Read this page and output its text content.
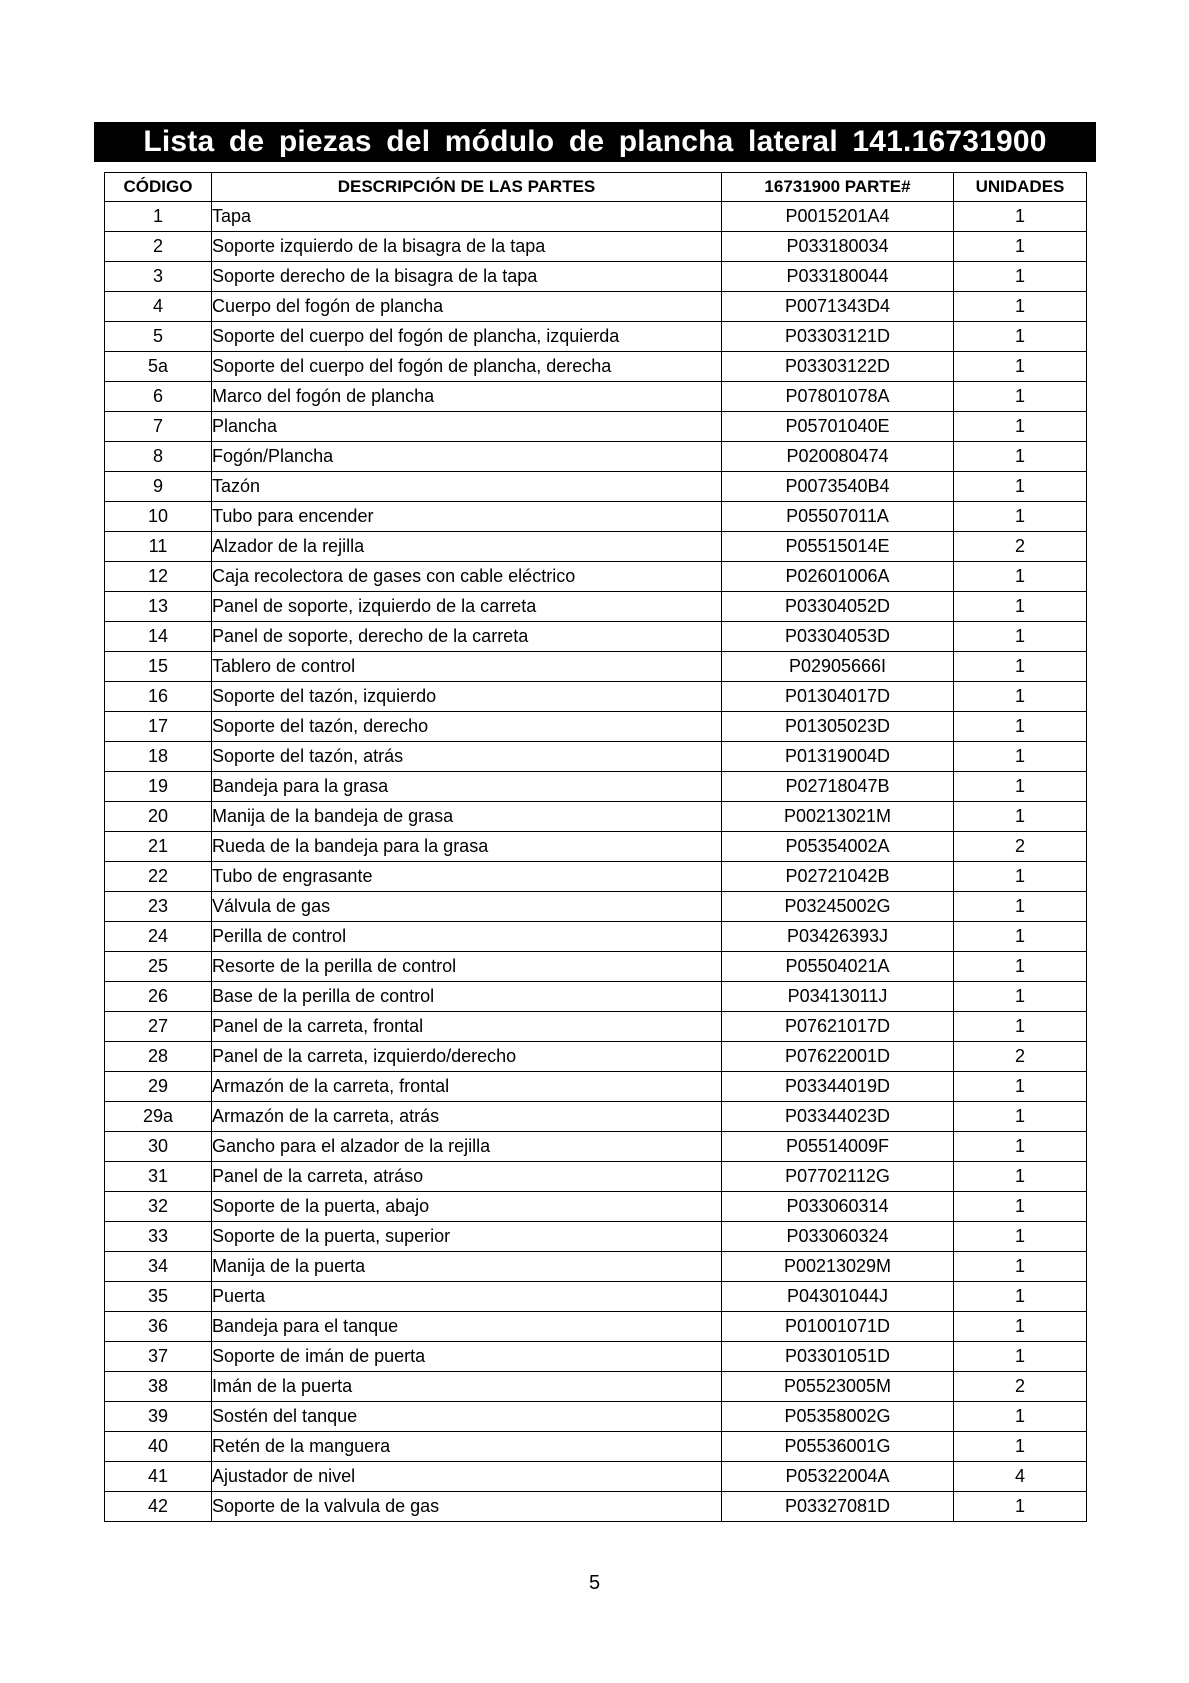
Lista de piezas del módulo de plancha lateral 141.16731900
CÓDIGO	DESCRIPCIÓN DE LAS PARTES	16731900 PARTE#	UNIDADES
1	Tapa	P0015201A4	1
2	Soporte izquierdo de la bisagra de la tapa	P033180034	1
3	Soporte derecho de la bisagra de la tapa	P033180044	1
4	Cuerpo del fogón de plancha	P0071343D4	1
5	Soporte del cuerpo del fogón de plancha, izquierda	P03303121D	1
5a	Soporte del cuerpo del fogón de plancha, derecha	P03303122D	1
6	Marco del fogón de plancha	P07801078A	1
7	Plancha	P05701040E	1
8	Fogón/Plancha	P020080474	1
9	Tazón	P0073540B4	1
10	Tubo para encender	P05507011A	1
11	Alzador de la rejilla	P05515014E	2
12	Caja recolectora de gases con cable eléctrico	P02601006A	1
13	Panel de soporte, izquierdo de la carreta	P03304052D	1
14	Panel de soporte, derecho de la carreta	P03304053D	1
15	Tablero de control	P02905666I	1
16	Soporte del tazón, izquierdo	P01304017D	1
17	Soporte del tazón, derecho	P01305023D	1
18	Soporte del tazón, atrás	P01319004D	1
19	Bandeja para la grasa	P02718047B	1
20	Manija de la bandeja de grasa	P00213021M	1
21	Rueda de la bandeja para la grasa	P05354002A	2
22	Tubo de engrasante	P02721042B	1
23	Válvula de gas	P03245002G	1
24	Perilla de control	P03426393J	1
25	Resorte de la perilla de control	P05504021A	1
26	Base de la perilla de control	P03413011J	1
27	Panel de la carreta, frontal	P07621017D	1
28	Panel de la carreta, izquierdo/derecho	P07622001D	2
29	Armazón de la carreta, frontal	P03344019D	1
29a	Armazón de la carreta, atrás	P03344023D	1
30	Gancho para el alzador de la rejilla	P05514009F	1
31	Panel de la carreta, atráso	P07702112G	1
32	Soporte de la puerta, abajo	P033060314	1
33	Soporte de la puerta, superior	P033060324	1
34	Manija de la puerta	P00213029M	1
35	Puerta	P04301044J	1
36	Bandeja para el tanque	P01001071D	1
37	Soporte de imán de puerta	P03301051D	1
38	Imán de la puerta	P05523005M	2
39	Sostén del tanque	P05358002G	1
40	Retén de la manguera	P05536001G	1
41	Ajustador de nivel	P05322004A	4
42	Soporte de la valvula de gas	P03327081D	1
5
